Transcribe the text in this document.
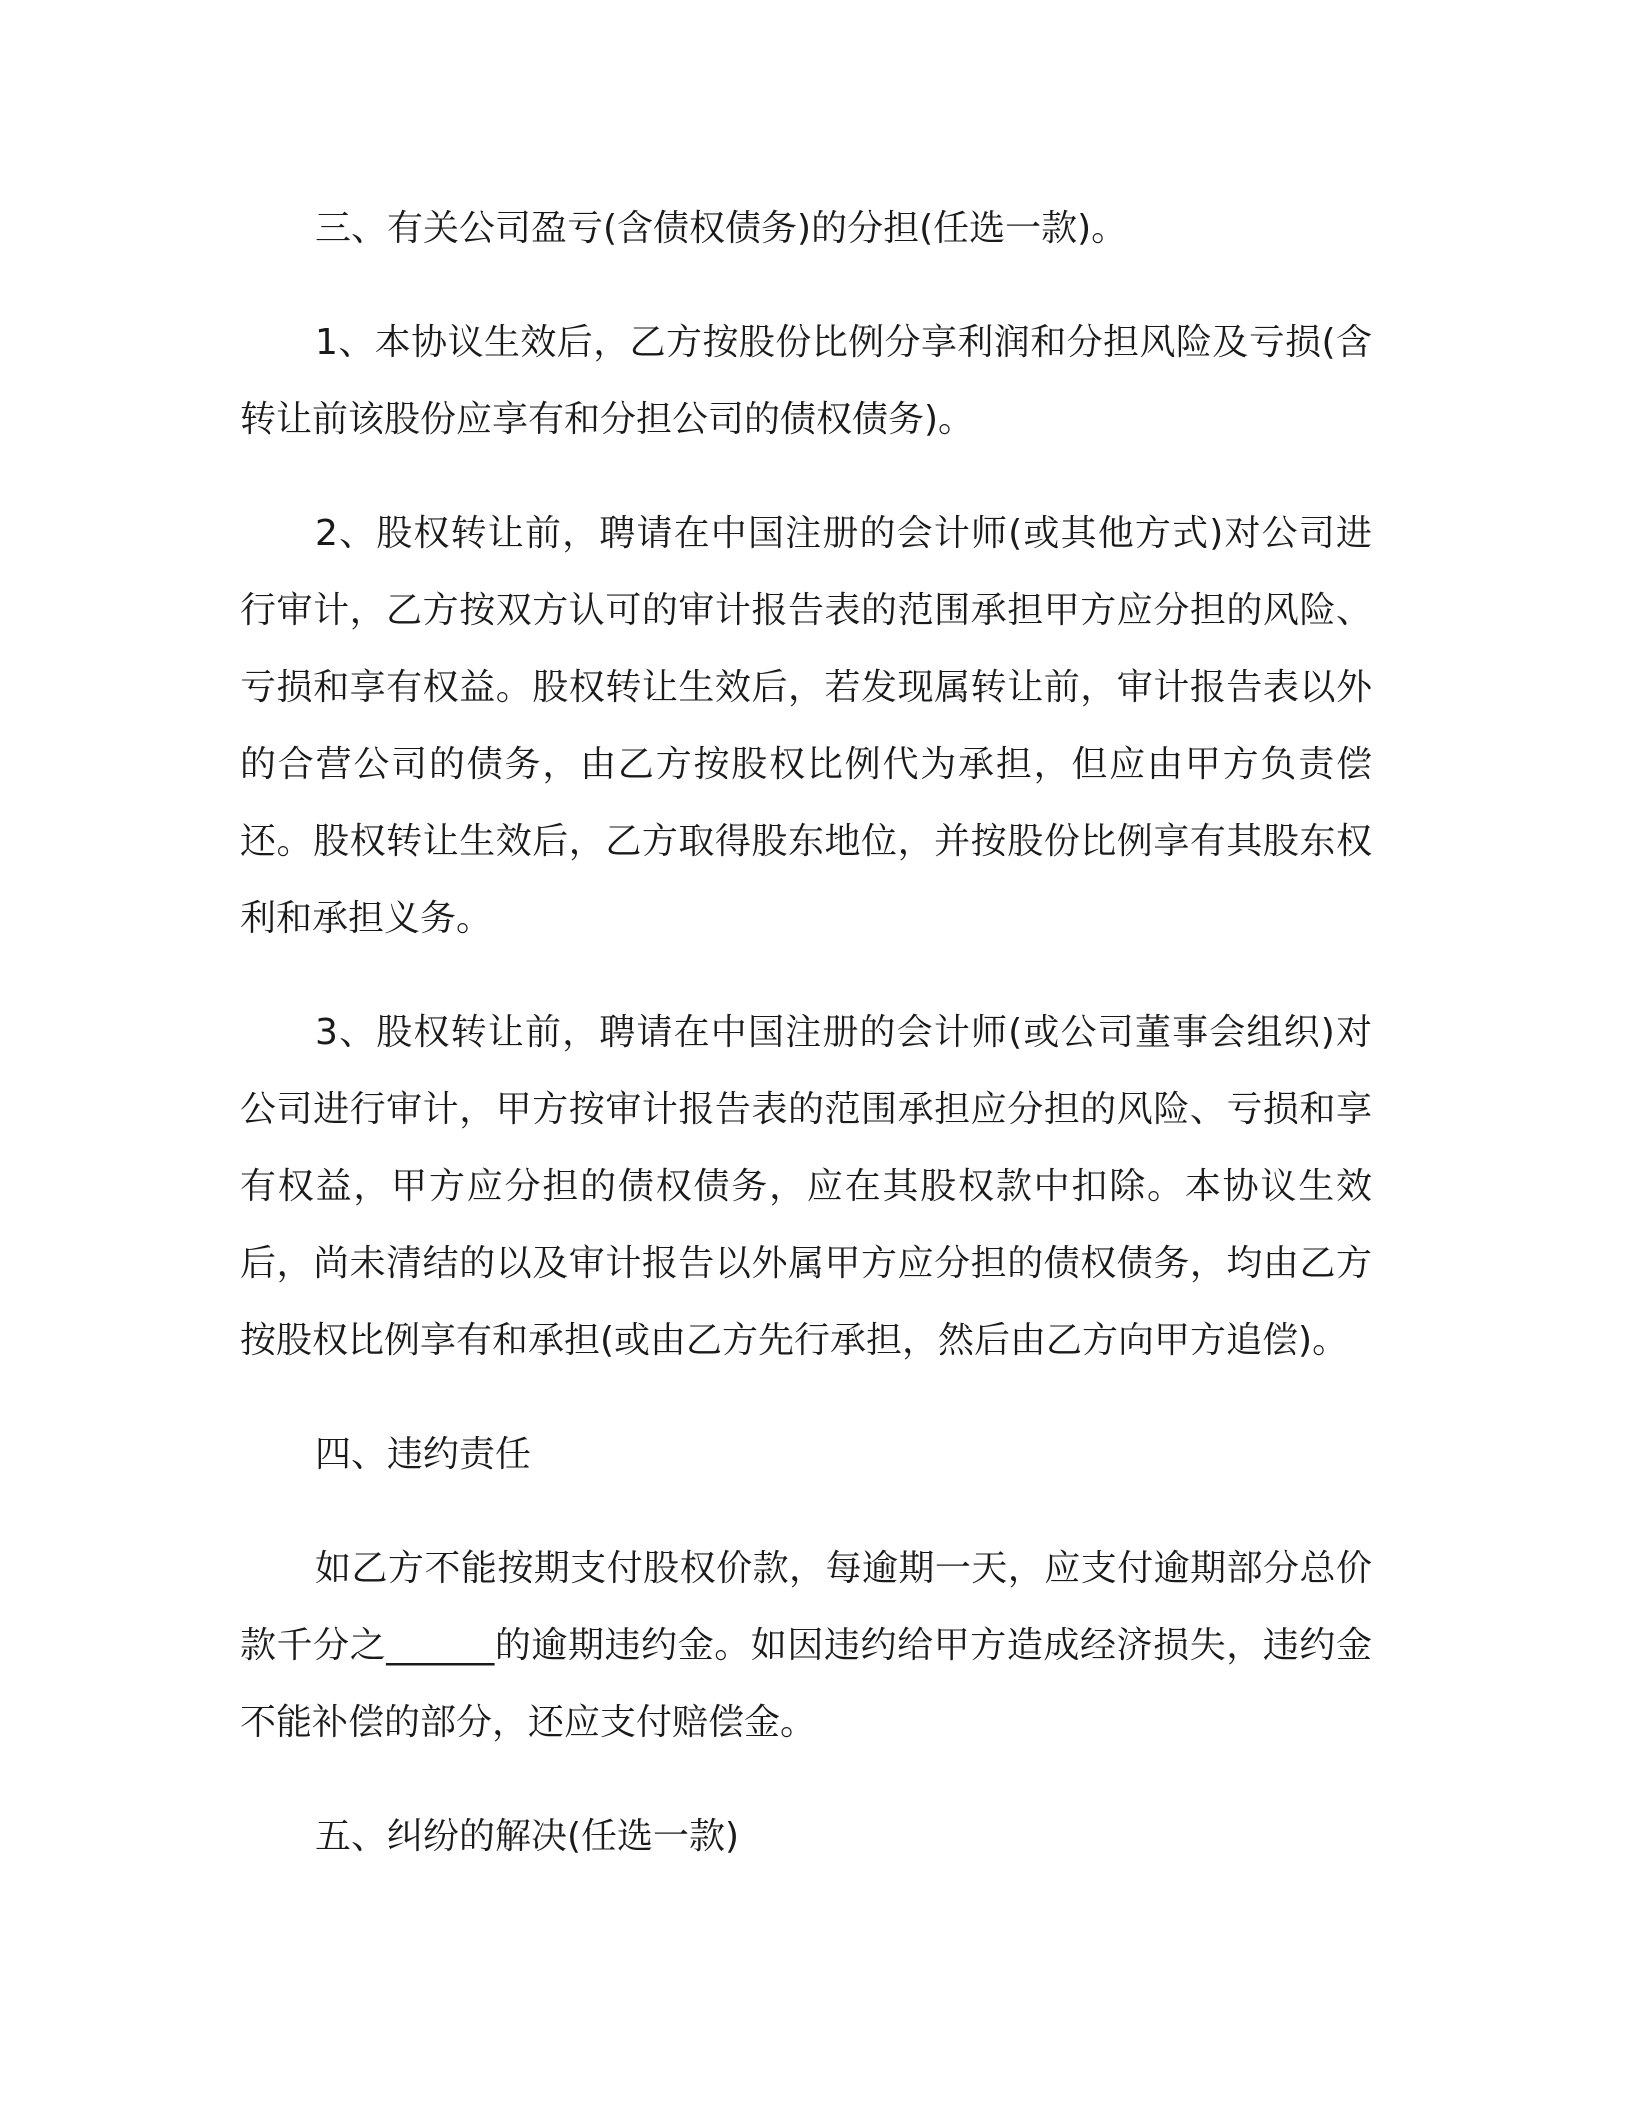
三、有关公司盈亏(含债权债务)的分担(任选一款)。

1、本协议生效后，乙方按股份比例分享利润和分担风险及亏损(含转让前该股份应享有和分担公司的债权债务)。

2、股权转让前，聘请在中国注册的会计师(或其他方式)对公司进行审计，乙方按双方认可的审计报告表的范围承担甲方应分担的风险、亏损和享有权益。股权转让生效后，若发现属转让前，审计报告表以外的合营公司的债务，由乙方按股权比例代为承担，但应由甲方负责偿还。股权转让生效后，乙方取得股东地位，并按股份比例享有其股东权利和承担义务。

3、股权转让前，聘请在中国注册的会计师(或公司董事会组织)对公司进行审计，甲方按审计报告表的范围承担应分担的风险、亏损和享有权益，甲方应分担的债权债务，应在其股权款中扣除。本协议生效后，尚未清结的以及审计报告以外属甲方应分担的债权债务，均由乙方按股权比例享有和承担(或由乙方先行承担，然后由乙方向甲方追偿)。

四、违约责任

如乙方不能按期支付股权价款，每逾期一天，应支付逾期部分总价款千分之______的逾期违约金。如因违约给甲方造成经济损失，违约金不能补偿的部分，还应支付赔偿金。

五、纠纷的解决(任选一款)
